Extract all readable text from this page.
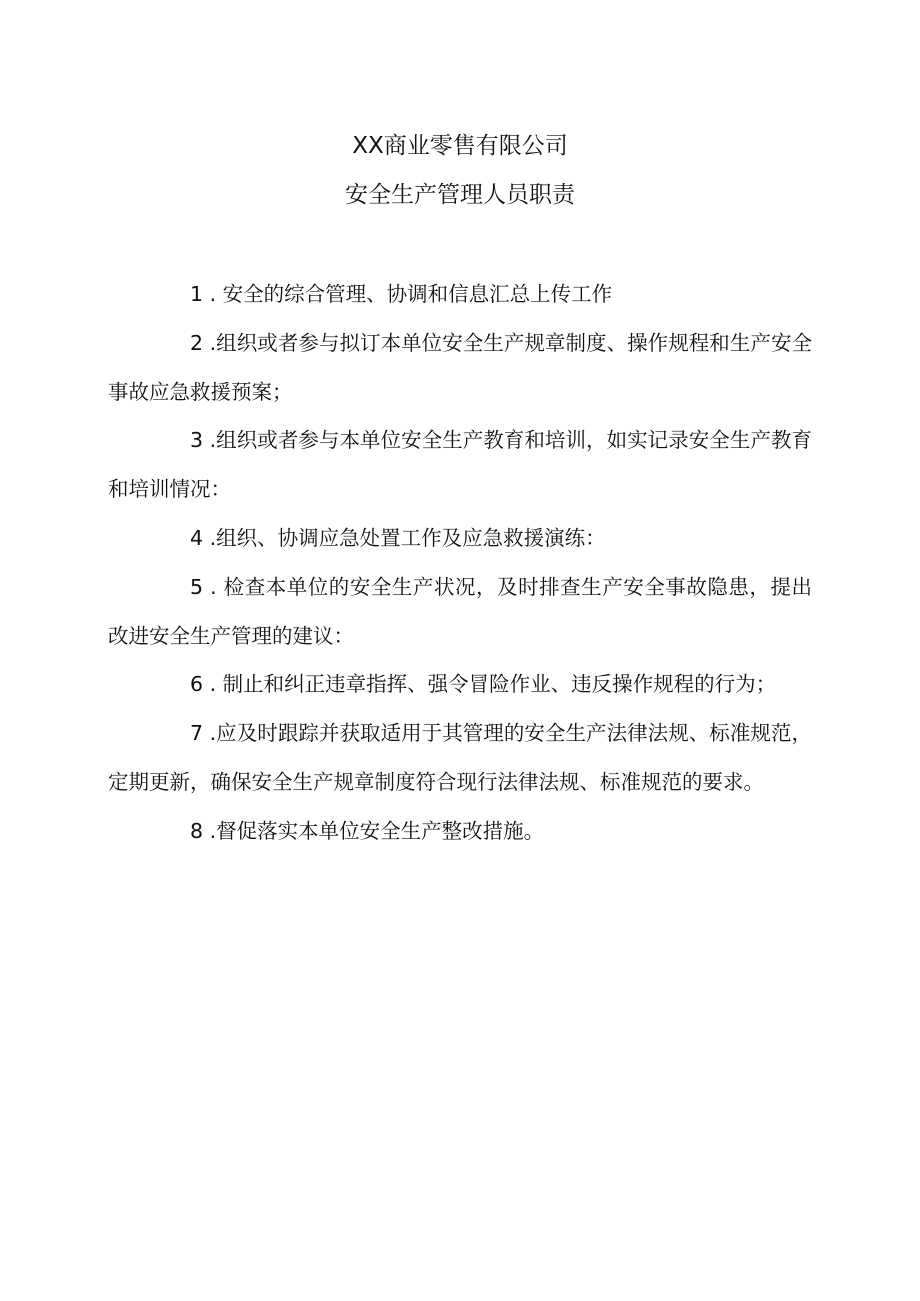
XX商业零售有限公司
安全生产管理人员职责

1 . 安全的综合管理、协调和信息汇总上传工作

2 .组织或者参与拟订本单位安全生产规章制度、操作规程和生产安全事故应急救援预案；

3 .组织或者参与本单位安全生产教育和培训，如实记录安全生产教育和培训情况：

4 .组织、协调应急处置工作及应急救援演练：

5 . 检查本单位的安全生产状况，及时排查生产安全事故隐患，提出改进安全生产管理的建议：

6 . 制止和纠正违章指挥、强令冒险作业、违反操作规程的行为；

7 .应及时跟踪并获取适用于其管理的安全生产法律法规、标准规范，定期更新，确保安全生产规章制度符合现行法律法规、标准规范的要求。

8 .督促落实本单位安全生产整改措施。
